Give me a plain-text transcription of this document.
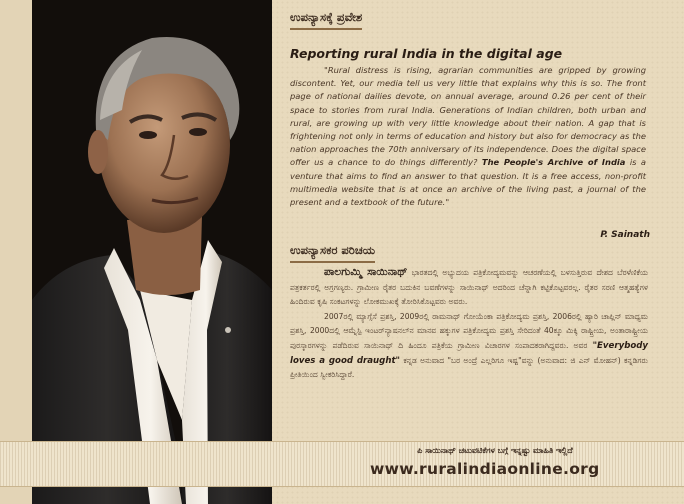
ಉಪನ್ಯಾಸಕ್ಕೆ ಪ್ರವೇಶ
Reporting rural India in the digital age

"Rural distress is rising, agrarian communities are gripped by growing discontent. Yet, our media tell us very little that explains why this is so. The front page of national dailies devote, on annual average, around 0.26 per cent of their space to stories from rural India. Generations of Indian children, both urban and rural, are growing up with very little knowledge about their nation. A gap that is frightening not only in terms of education and history but also for democracy as the nation approaches the 70th anniversary of its independence. Does the digital space offer us a chance to do things differently? The People's Archive of India is a venture that aims to find an answer to that question. It is a free access, non-profit multimedia website that is at once an archive of the living past, a journal of the present and a textbook of the future."

P. Sainath
ಉಪನ್ಯಾಸಕರ ಪರಿಚಯ

ಪಾಲಗುಮ್ಮಿ ಸಾಯಿನಾಥ್ ಭಾರತದಲ್ಲಿ ಅಭ್ಯುದಯ ಪತ್ರಿಕೋದ್ಯಮವನ್ನು ಆಚರಣೆಯಲ್ಲಿ ಬಳಸುತ್ತಿರುವ ದೇಶದ ಬೆರಳೆಣಿಕೆಯ ಪತ್ರಕರ್ತರಲ್ಲಿ ಅಗ್ರಗಣ್ಯರು. ಗ್ರಾಮೀಣ ರೈತರ ಬದುಕಿನ ಬವಣೆಗಳನ್ನು ಸಾಯಿನಾಥ್ ಅದರಿಂದ ಚೆನ್ನಾಗಿ ಕಟ್ಟಿಕೊಟ್ಟವರಲ್ಲ. ರೈತರ ಸರಣಿ ಆತ್ಮಹತ್ಯೆಗಳ ಹಿಂದಿರುವ ಕೃಷಿ ಸಂಕಟಗಳನ್ನು ಲೋಕಮುಖಕ್ಕೆ ತೋರಿಸಿಕೊಟ್ಟವರು ಅವರು.

2007ರಲ್ಲಿ ಮ್ಯಾಗ್ಸೆಸೆ ಪ್ರಶಸ್ತಿ, 2009ರಲ್ಲಿ ರಾಮನಾಥ್ ಗೋಯೆಂಕಾ ಪತ್ರಿಕೋದ್ಯಮ ಪ್ರಶಸ್ತಿ, 2006ರಲ್ಲಿ ಹ್ಯಾರಿ ಚಾಪ್ಲಿನ್ ಮಾಧ್ಯಮ ಪ್ರಶಸ್ತಿ, 2000ದಲ್ಲಿ ಆಮ್ನೆಸ್ಟಿ ಇಂಟರ್‌ನ್ಯಾಷನಲ್‌ನ ಮಾನವ ಹಕ್ಕುಗಳ ಪತ್ರಿಕೋದ್ಯಮ ಪ್ರಶಸ್ತಿ ಸೇರಿದಂತೆ 40ಕ್ಕೂ ಮಿಕ್ಕಿ ರಾಷ್ಟ್ರೀಯ, ಅಂತಾರಾಷ್ಟ್ರೀಯ ಪುರಸ್ಕಾರಗಳನ್ನು ಪಡೆದಿರುವ ಸಾಯಿನಾಥ್ ದಿ ಹಿಂದೂ ಪತ್ರಿಕೆಯ ಗ್ರಾಮೀಣ ವಿಚಾರಗಳ ಸಂಪಾದಕರಾಗಿದ್ದವರು. ಅವರ "Everybody loves a good draught" ಕನ್ನಡ ಅನುವಾದ "ಬರ ಅಂದ್ರೆ ಎಲ್ಲರಿಗೂ ಇಷ್ಟ"ವನ್ನು (ಅನುವಾದ: ಜಿ ಎನ್ ಮೋಹನ್) ಕನ್ನಡಿಗರು ಪ್ರೀತಿಯಿಂದ ಸ್ವೀಕರಿಸಿದ್ದಾರೆ.

ಪಿ ಸಾಯಿನಾಥ್ ಚಟುವಟಿಕೆಗಳ ಬಗ್ಗೆ ಇನ್ನಷ್ಟು ಮಾಹಿತಿ ಇಲ್ಲಿದೆ
www.ruralindiaonline.org
